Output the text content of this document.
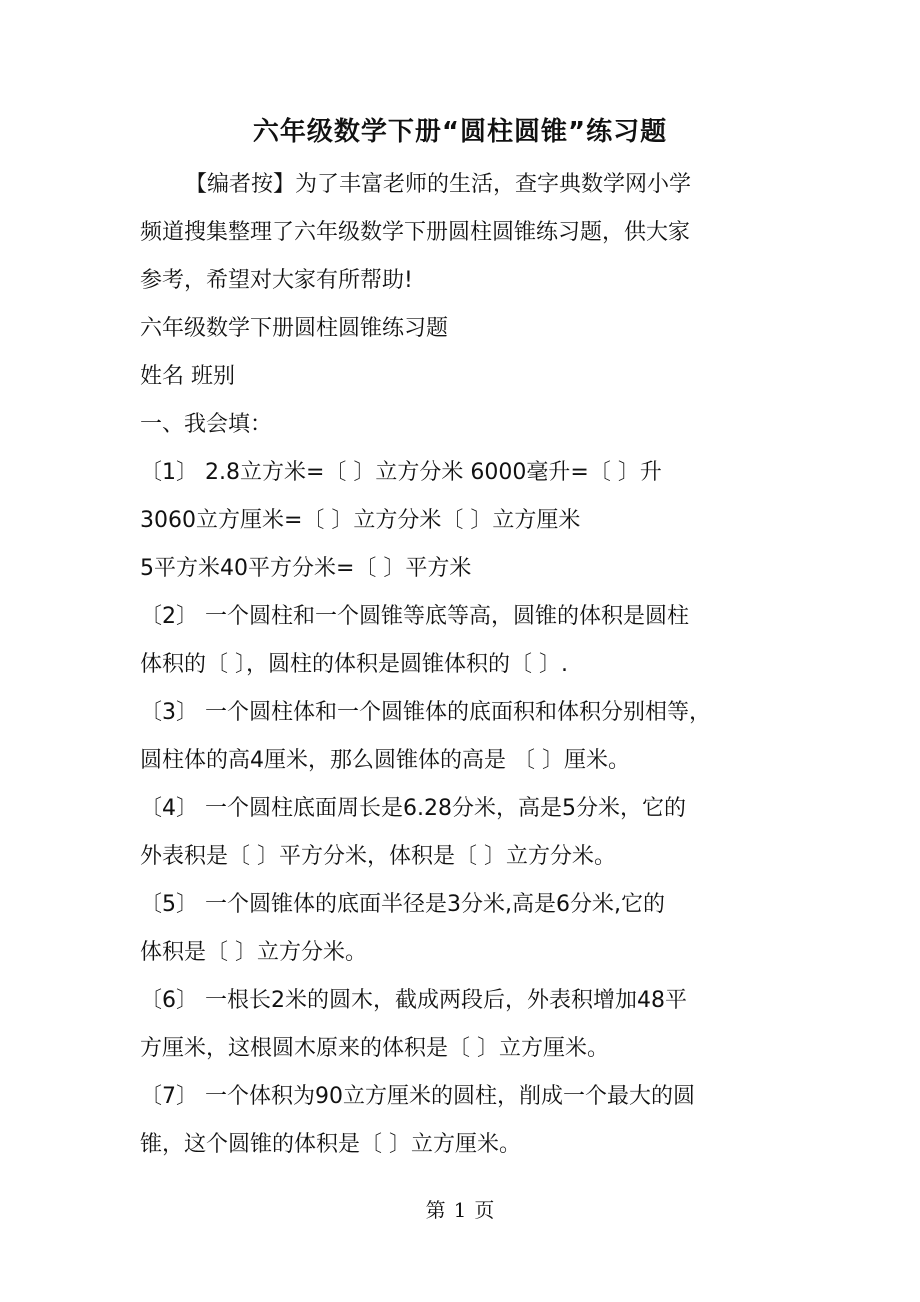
六年级数学下册“圆柱圆锥”练习题
【编者按】为了丰富老师的生活，查字典数学网小学
频道搜集整理了六年级数学下册圆柱圆锥练习题，供大家
参考，希望对大家有所帮助!
六年级数学下册圆柱圆锥练习题
姓名 班别
一、我会填：
〔1〕 2.8立方米=〔 〕立方分米 6000毫升=〔 〕升
3060立方厘米=〔 〕立方分米〔 〕立方厘米
5平方米40平方分米=〔 〕平方米
〔2〕 一个圆柱和一个圆锥等底等高，圆锥的体积是圆柱
体积的〔 〕，圆柱的体积是圆锥体积的〔 〕.
〔3〕 一个圆柱体和一个圆锥体的底面积和体积分别相等，
圆柱体的高4厘米，那么圆锥体的高是 〔 〕厘米。
〔4〕 一个圆柱底面周长是6.28分米，高是5分米，它的
外表积是〔 〕平方分米，体积是〔 〕立方分米。
〔5〕 一个圆锥体的底面半径是3分米,高是6分米,它的
体积是〔 〕立方分米。
〔6〕 一根长2米的圆木，截成两段后，外表积增加48平
方厘米，这根圆木原来的体积是〔 〕立方厘米。
〔7〕 一个体积为90立方厘米的圆柱，削成一个最大的圆
锥，这个圆锥的体积是〔 〕立方厘米。
第 1 页
